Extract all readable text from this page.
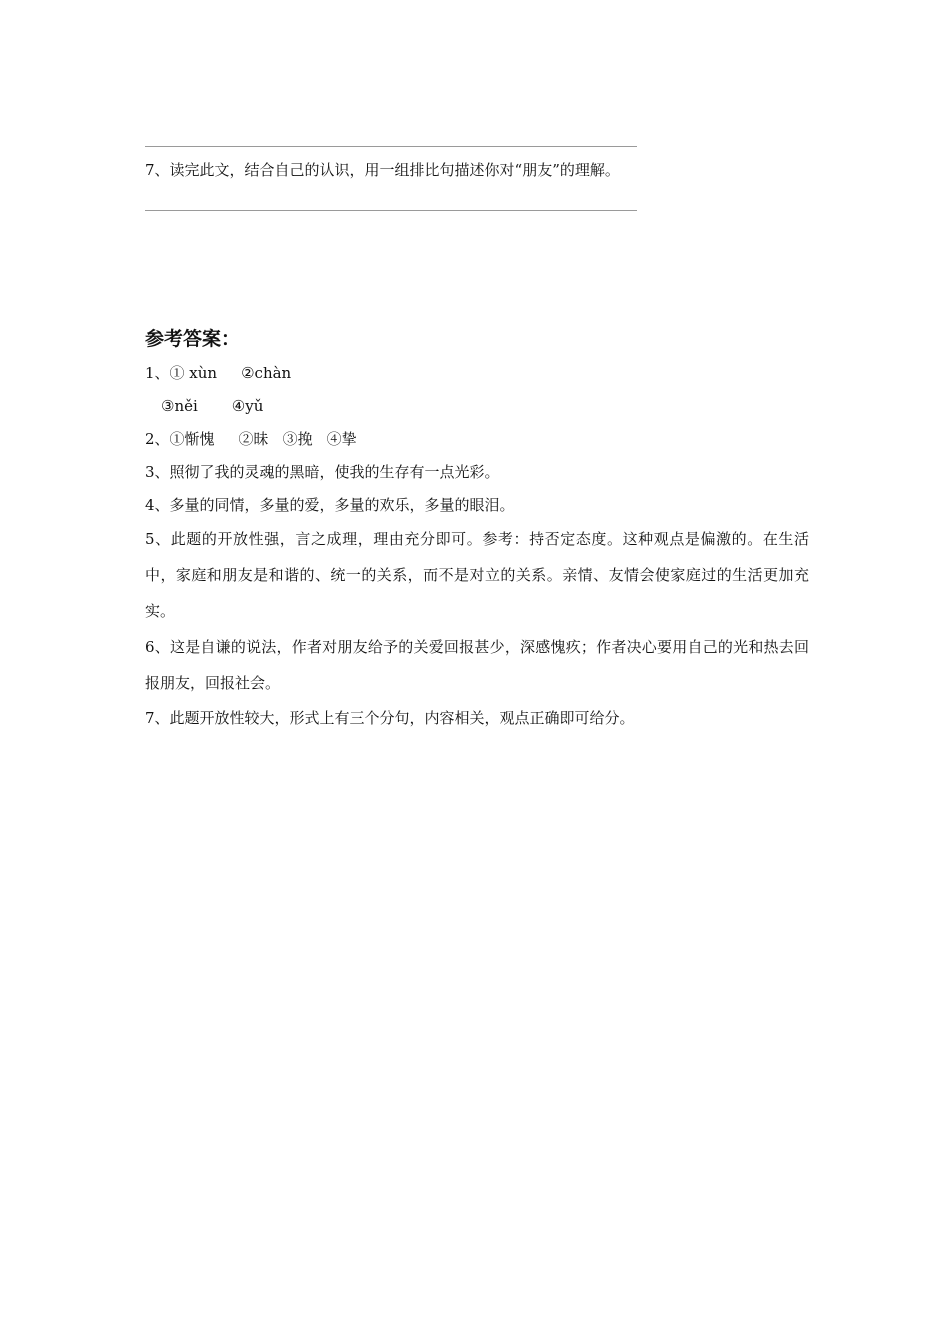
7、读完此文，结合自己的认识，用一组排比句描述你对“朋友”的理解。
参考答案：
1、① xùn ②chàn
③něi ④yǔ
2、①惭愧 ②昧 ③挽 ④挚
3、照彻了我的灵魂的黑暗，使我的生存有一点光彩。
4、多量的同情，多量的爱，多量的欢乐，多量的眼泪。
5、此题的开放性强，言之成理，理由充分即可。参考：持否定态度。这种观点是偏激的。在生活中，家庭和朋友是和谐的、统一的关系，而不是对立的关系。亲情、友情会使家庭过的生活更加充实。
6、这是自谦的说法，作者对朋友给予的关爱回报甚少，深感愧疚；作者决心要用自己的光和热去回报朋友，回报社会。
7、此题开放性较大，形式上有三个分句，内容相关，观点正确即可给分。
